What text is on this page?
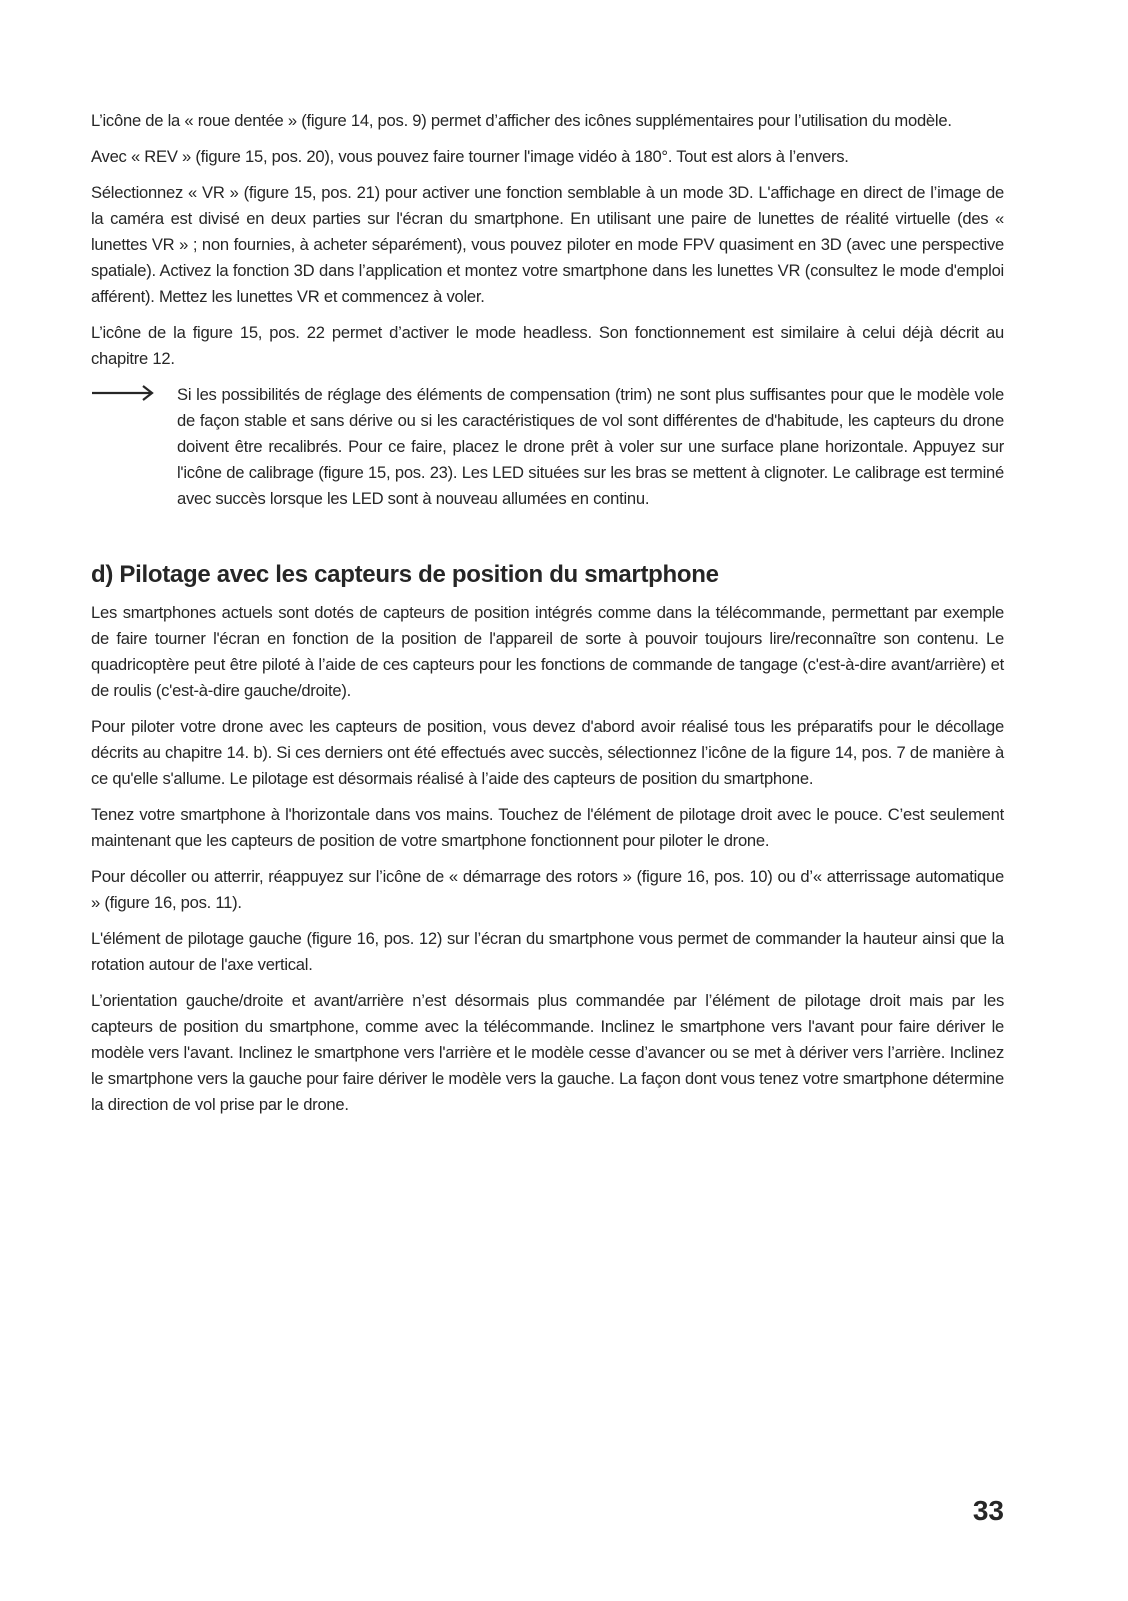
L’icône de la « roue dentée » (figure 14, pos. 9) permet d’afficher des icônes supplémentaires pour l’utilisation du modèle.

Avec « REV » (figure 15, pos. 20), vous pouvez faire tourner l'image vidéo à 180°. Tout est alors à l’envers.

Sélectionnez « VR » (figure 15, pos. 21) pour activer une fonction semblable à un mode 3D. L'affichage en direct de l’image de la caméra est divisé en deux parties sur l'écran du smartphone. En utilisant une paire de lunettes de réalité virtuelle (des « lunettes VR » ; non fournies, à acheter séparément), vous pouvez piloter en mode FPV quasiment en 3D (avec une perspective spatiale). Activez la fonction 3D dans l’application et montez votre smartphone dans les lunettes VR (consultez le mode d'emploi afférent). Mettez les lunettes VR et commencez à voler.

L’icône de la figure 15, pos. 22 permet d’activer le mode headless. Son fonctionnement est similaire à celui déjà décrit au chapitre 12.

Si les possibilités de réglage des éléments de compensation (trim) ne sont plus suffisantes pour que le modèle vole de façon stable et sans dérive ou si les caractéristiques de vol sont différentes de d'habitude, les capteurs du drone doivent être recalibrés. Pour ce faire, placez le drone prêt à voler sur une surface plane horizontale. Appuyez sur l'icône de calibrage (figure 15, pos. 23). Les LED situées sur les bras se mettent à clignoter. Le calibrage est terminé avec succès lorsque les LED sont à nouveau allumées en continu.

d) Pilotage avec les capteurs de position du smartphone

Les smartphones actuels sont dotés de capteurs de position intégrés comme dans la télécommande, permettant par exemple de faire tourner l'écran en fonction de la position de l'appareil de sorte à pouvoir toujours lire/reconnaître son contenu. Le quadricoptère peut être piloté à l’aide de ces capteurs pour les fonctions de commande de tangage (c'est-à-dire avant/arrière) et de roulis (c'est-à-dire gauche/droite).

Pour piloter votre drone avec les capteurs de position, vous devez d'abord avoir réalisé tous les préparatifs pour le décollage décrits au chapitre 14. b). Si ces derniers ont été effectués avec succès, sélectionnez l’icône de la figure 14, pos. 7 de manière à ce qu'elle s'allume. Le pilotage est désormais réalisé à l’aide des capteurs de position du smartphone.

Tenez votre smartphone à l'horizontale dans vos mains. Touchez de l'élément de pilotage droit avec le pouce. C’est seulement maintenant que les capteurs de position de votre smartphone fonctionnent pour piloter le drone.

Pour décoller ou atterrir, réappuyez sur l’icône de « démarrage des rotors » (figure 16, pos. 10) ou d’« atterrissage automatique » (figure 16, pos. 11).

L'élément de pilotage gauche (figure 16, pos. 12) sur l’écran du smartphone vous permet de commander la hauteur ainsi que la rotation autour de l'axe vertical.

L’orientation gauche/droite et avant/arrière n’est désormais plus commandée par l’élément de pilotage droit mais par les capteurs de position du smartphone, comme avec la télécommande. Inclinez le smartphone vers l'avant pour faire dériver le modèle vers l'avant. Inclinez le smartphone vers l'arrière et le modèle cesse d’avancer ou se met à dériver vers l’arrière. Inclinez le smartphone vers la gauche pour faire dériver le modèle vers la gauche. La façon dont vous tenez votre smartphone détermine la direction de vol prise par le drone.

33
